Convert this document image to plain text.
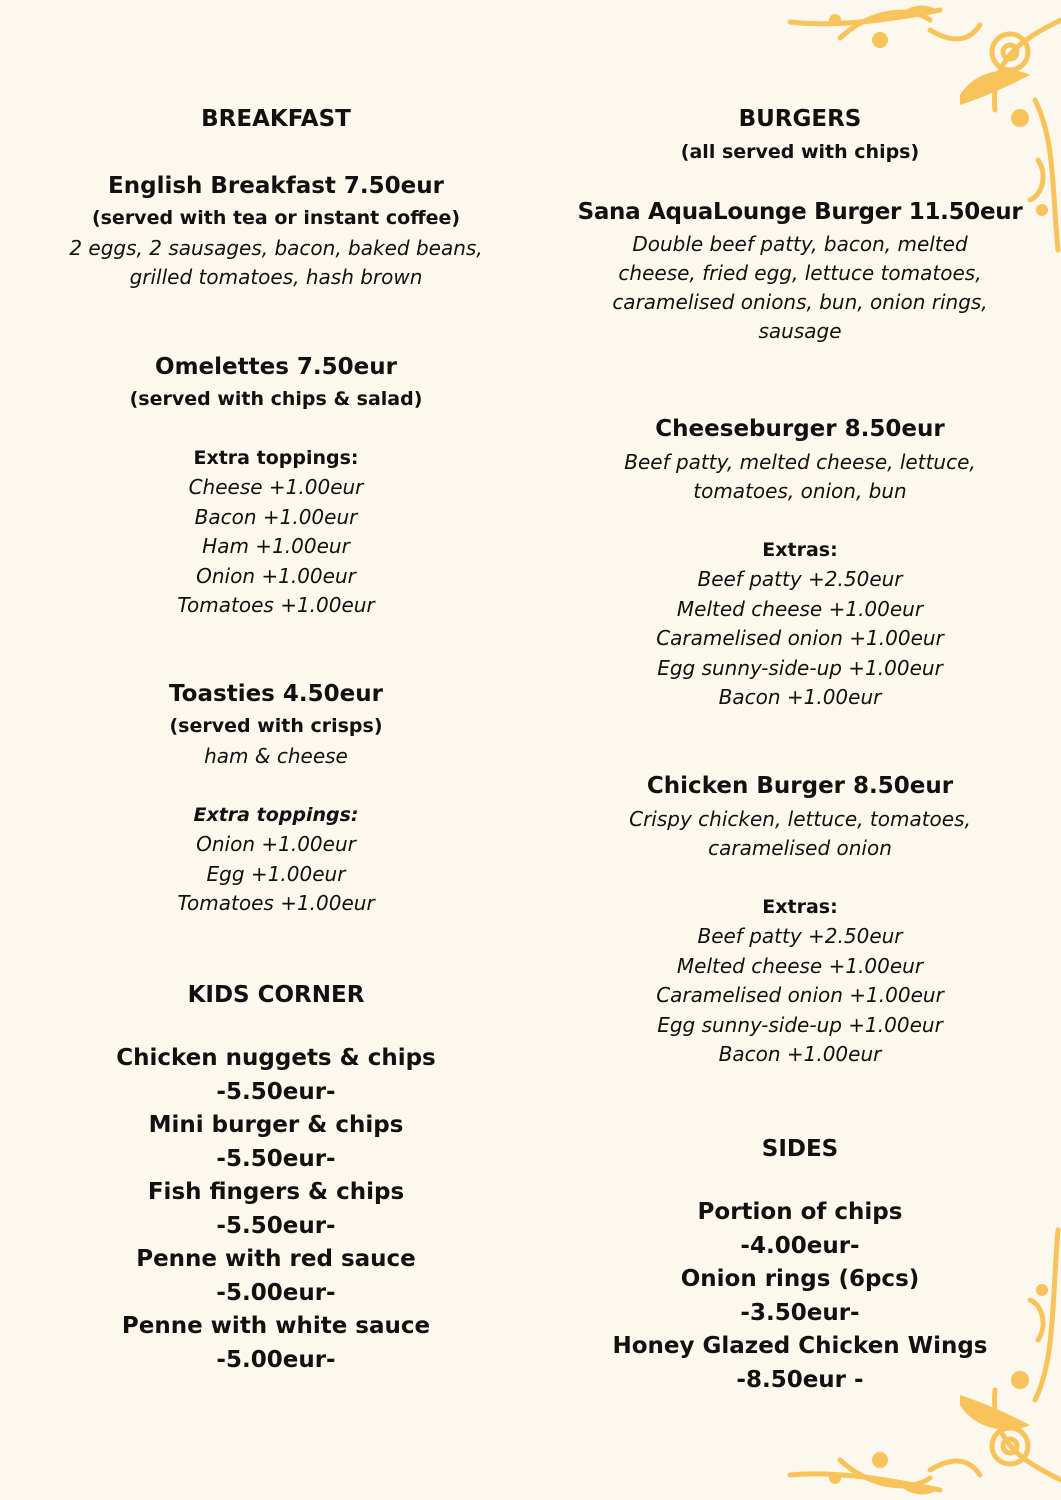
BREAKFAST
English Breakfast 7.50eur
(served with tea or instant coffee)
2 eggs, 2 sausages, bacon, baked beans,
grilled tomatoes, hash brown
Omelettes 7.50eur
(served with chips & salad)
Extra toppings:
Cheese +1.00eur
Bacon +1.00eur
Ham +1.00eur
Onion +1.00eur
Tomatoes +1.00eur
Toasties 4.50eur
(served with crisps)
ham & cheese
Extra toppings:
Onion +1.00eur
Egg +1.00eur
Tomatoes +1.00eur
KIDS CORNER
Chicken nuggets & chips
-5.50eur-
Mini burger & chips
-5.50eur-
Fish fingers & chips
-5.50eur-
Penne with red sauce
-5.00eur-
Penne with white sauce
-5.00eur-
BURGERS
(all served with chips)
Sana AquaLounge Burger 11.50eur
Double beef patty, bacon, melted
cheese, fried egg, lettuce tomatoes,
caramelised onions, bun, onion rings,
sausage
Cheeseburger 8.50eur
Beef patty, melted cheese, lettuce,
tomatoes, onion, bun
Extras:
Beef patty +2.50eur
Melted cheese +1.00eur
Caramelised onion +1.00eur
Egg sunny-side-up +1.00eur
Bacon +1.00eur
Chicken Burger 8.50eur
Crispy chicken, lettuce, tomatoes,
caramelised onion
Extras:
Beef patty +2.50eur
Melted cheese +1.00eur
Caramelised onion +1.00eur
Egg sunny-side-up +1.00eur
Bacon +1.00eur
SIDES
Portion of chips
-4.00eur-
Onion rings (6pcs)
-3.50eur-
Honey Glazed Chicken Wings
-8.50eur -
